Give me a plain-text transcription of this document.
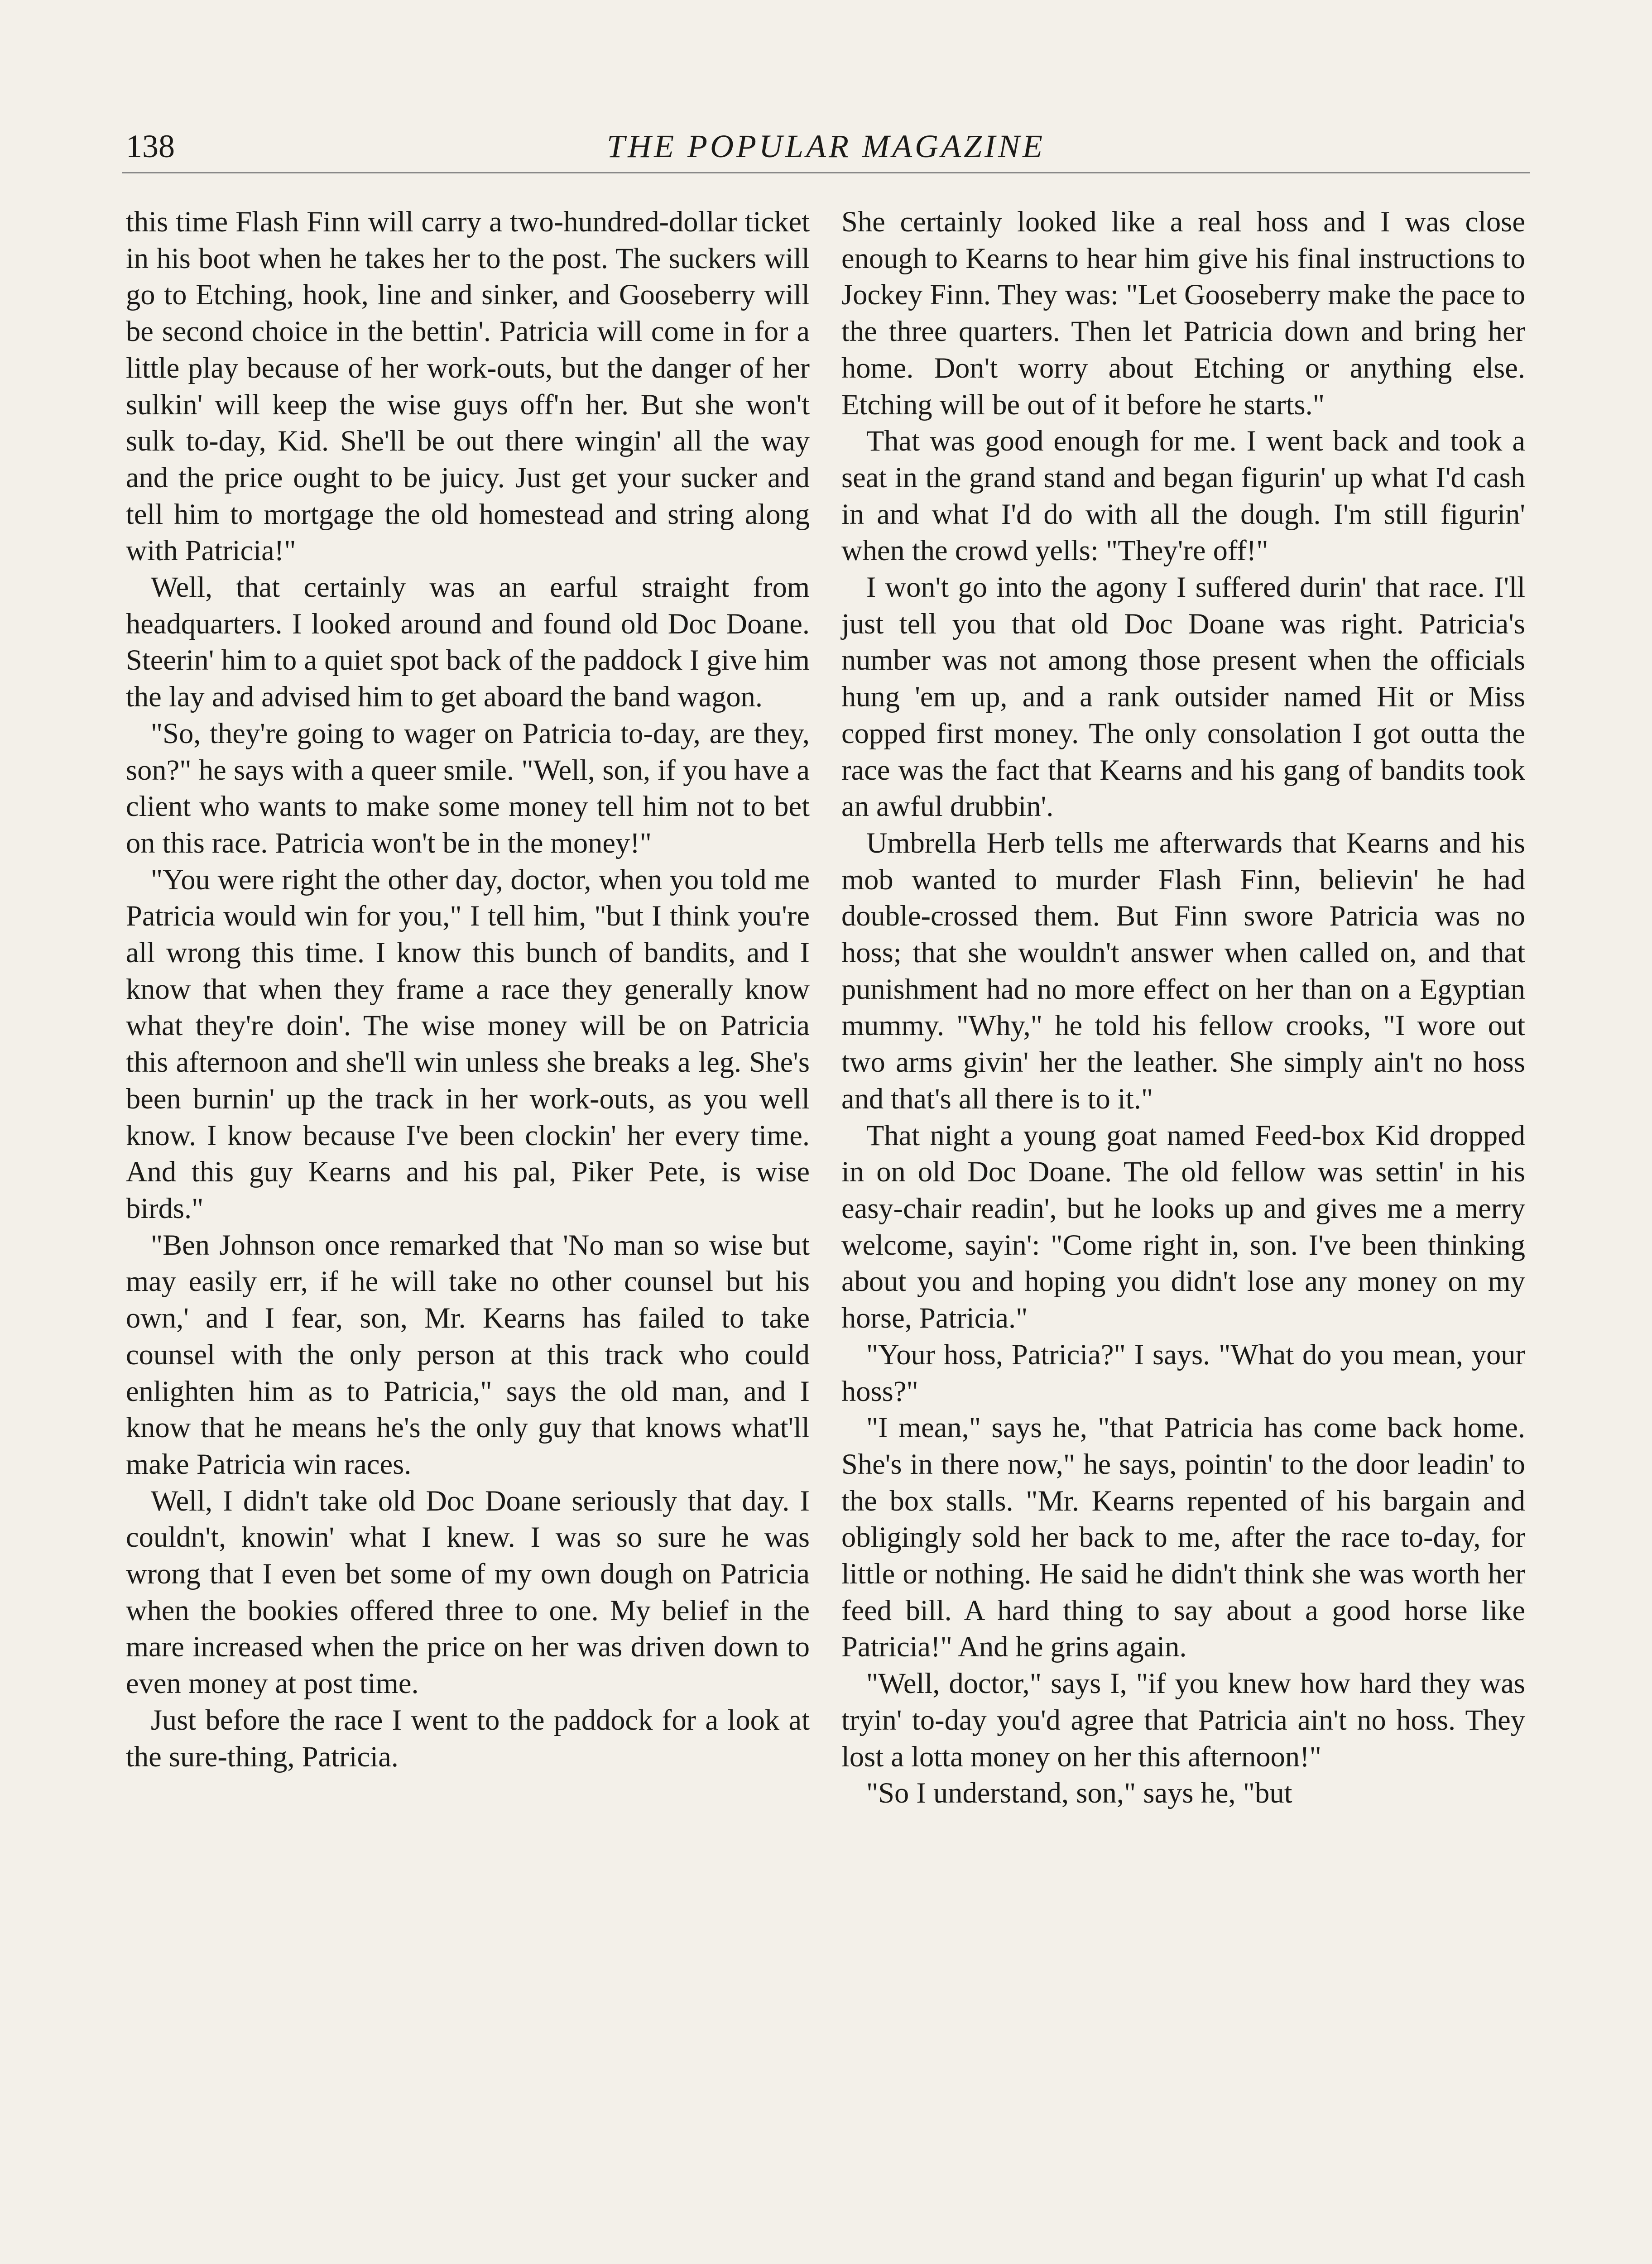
138	THE POPULAR MAGAZINE

this time Flash Finn will carry a two-hundred-dollar ticket in his boot when he takes her to the post. The suckers will go to Etching, hook, line and sinker, and Gooseberry will be second choice in the bettin'. Patricia will come in for a little play because of her work-outs, but the danger of her sulkin' will keep the wise guys off'n her. But she won't sulk to-day, Kid. She'll be out there wingin' all the way and the price ought to be juicy. Just get your sucker and tell him to mortgage the old homestead and string along with Patricia!"

Well, that certainly was an earful straight from headquarters. I looked around and found old Doc Doane. Steerin' him to a quiet spot back of the paddock I give him the lay and advised him to get aboard the band wagon.

"So, they're going to wager on Patricia to-day, are they, son?" he says with a queer smile. "Well, son, if you have a client who wants to make some money tell him not to bet on this race. Patricia won't be in the money!"

"You were right the other day, doctor, when you told me Patricia would win for you," I tell him, "but I think you're all wrong this time. I know this bunch of bandits, and I know that when they frame a race they generally know what they're doin'. The wise money will be on Patricia this afternoon and she'll win unless she breaks a leg. She's been burnin' up the track in her work-outs, as you well know. I know because I've been clockin' her every time. And this guy Kearns and his pal, Piker Pete, is wise birds."

"Ben Johnson once remarked that 'No man so wise but may easily err, if he will take no other counsel but his own,' and I fear, son, Mr. Kearns has failed to take counsel with the only person at this track who could enlighten him as to Patricia," says the old man, and I know that he means he's the only guy that knows what'll make Patricia win races.

Well, I didn't take old Doc Doane seriously that day. I couldn't, knowin' what I knew. I was so sure he was wrong that I even bet some of my own dough on Patricia when the bookies offered three to one. My belief in the mare increased when the price on her was driven down to even money at post time.

Just before the race I went to the paddock for a look at the sure-thing, Patricia.

She certainly looked like a real hoss and I was close enough to Kearns to hear him give his final instructions to Jockey Finn. They was: "Let Gooseberry make the pace to the three quarters. Then let Patricia down and bring her home. Don't worry about Etching or anything else. Etching will be out of it before he starts."

That was good enough for me. I went back and took a seat in the grand stand and began figurin' up what I'd cash in and what I'd do with all the dough. I'm still figurin' when the crowd yells: "They're off!"

I won't go into the agony I suffered durin' that race. I'll just tell you that old Doc Doane was right. Patricia's number was not among those present when the officials hung 'em up, and a rank outsider named Hit or Miss copped first money. The only consolation I got outta the race was the fact that Kearns and his gang of bandits took an awful drubbin'.

Umbrella Herb tells me afterwards that Kearns and his mob wanted to murder Flash Finn, believin' he had double-crossed them. But Finn swore Patricia was no hoss; that she wouldn't answer when called on, and that punishment had no more effect on her than on a Egyptian mummy. "Why," he told his fellow crooks, "I wore out two arms givin' her the leather. She simply ain't no hoss and that's all there is to it."

That night a young goat named Feed-box Kid dropped in on old Doc Doane. The old fellow was settin' in his easy-chair readin', but he looks up and gives me a merry welcome, sayin': "Come right in, son. I've been thinking about you and hoping you didn't lose any money on my horse, Patricia."

"Your hoss, Patricia?" I says. "What do you mean, your hoss?"

"I mean," says he, "that Patricia has come back home. She's in there now," he says, pointin' to the door leadin' to the box stalls. "Mr. Kearns repented of his bargain and obligingly sold her back to me, after the race to-day, for little or nothing. He said he didn't think she was worth her feed bill. A hard thing to say about a good horse like Patricia!" And he grins again.

"Well, doctor," says I, "if you knew how hard they was tryin' to-day you'd agree that Patricia ain't no hoss. They lost a lotta money on her this afternoon!"

"So I understand, son," says he, "but
